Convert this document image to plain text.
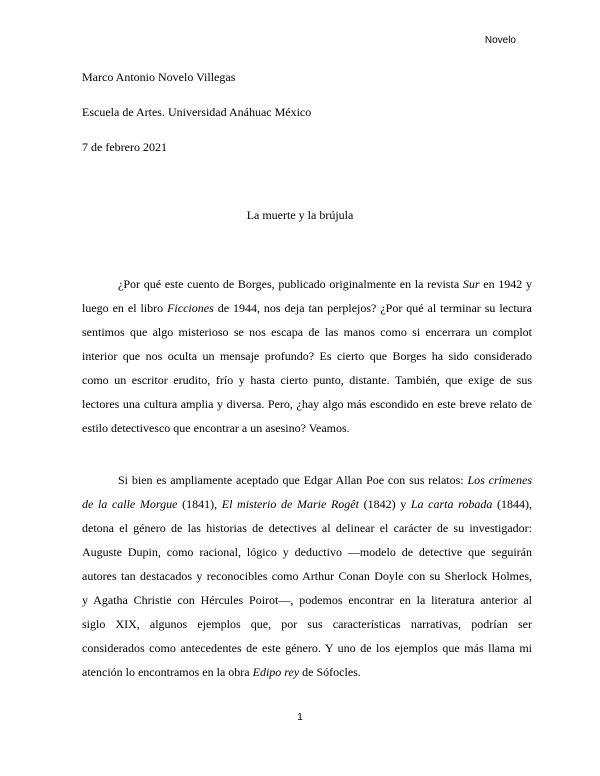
Novelo
Marco Antonio Novelo Villegas
Escuela de Artes. Universidad Anáhuac México
7 de febrero 2021
La muerte y la brújula
¿Por qué este cuento de Borges, publicado originalmente en la revista Sur en 1942 y
luego en el libro Ficciones de 1944, nos deja tan perplejos? ¿Por qué al terminar su lectura
sentimos que algo misterioso se nos escapa de las manos como si encerrara un complot
interior que nos oculta un mensaje profundo? Es cierto que Borges ha sido considerado
como un escritor erudito, frío y hasta cierto punto, distante. También, que exige de sus
lectores una cultura amplia y diversa. Pero, ¿hay algo más escondido en este breve relato de
estilo detectivesco que encontrar a un asesino? Veamos.
Si bien es ampliamente aceptado que Edgar Allan Poe con sus relatos: Los crímenes
de la calle Morgue (1841), El misterio de Marie Rogêt (1842) y La carta robada (1844),
detona el género de las historias de detectives al delinear el carácter de su investigador:
Auguste Dupin, como racional, lógico y deductivo —modelo de detective que seguirán
autores tan destacados y reconocibles como Arthur Conan Doyle con su Sherlock Holmes,
y Agatha Christie con Hércules Poirot—, podemos encontrar en la literatura anterior al
siglo XIX, algunos ejemplos que, por sus características narrativas, podrían ser
considerados como antecedentes de este género. Y uno de los ejemplos que más llama mi
atención lo encontramos en la obra Edipo rey de Sófocles.
1
